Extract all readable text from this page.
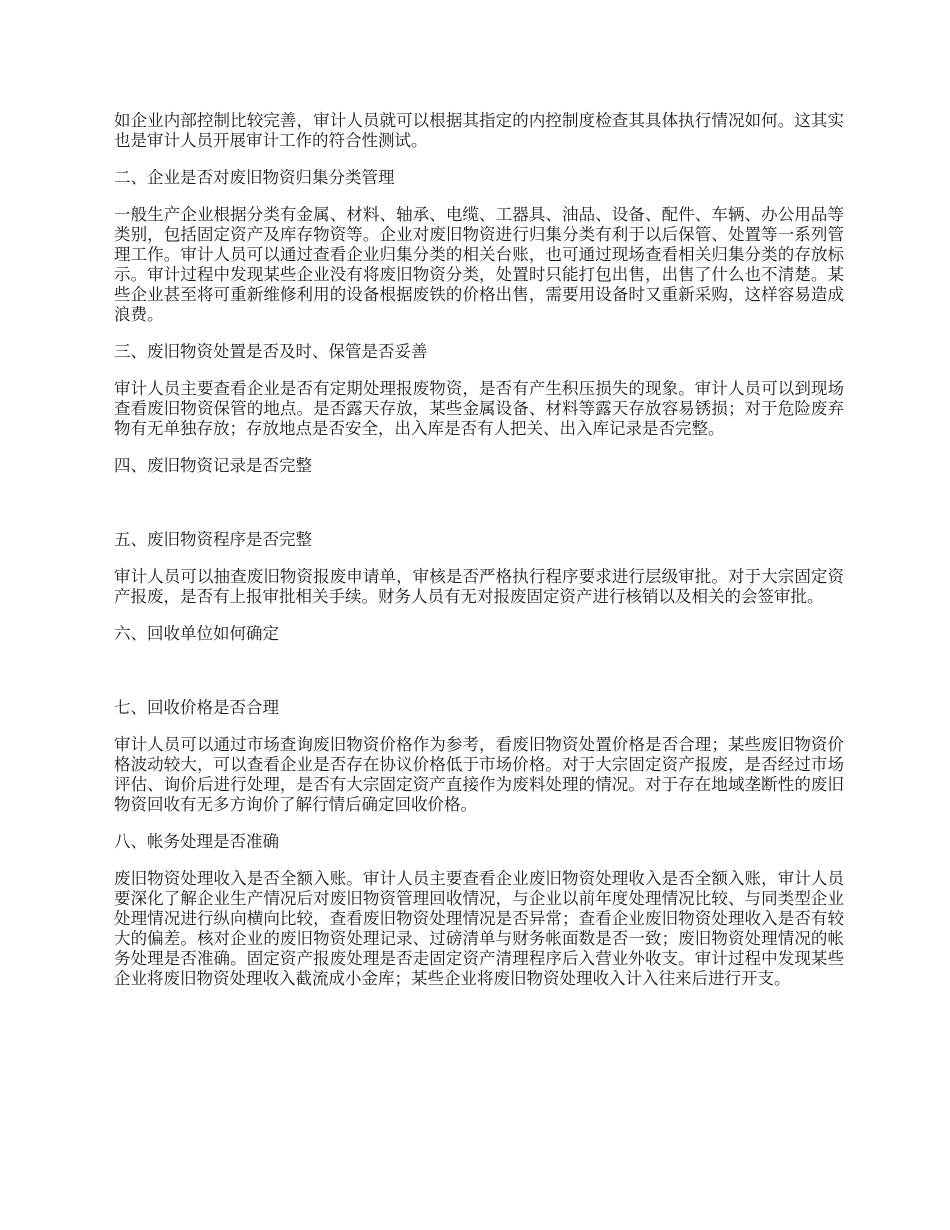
如企业内部控制比较完善，审计人员就可以根据其指定的内控制度检查其具体执行情况如何。这其实也是审计人员开展审计工作的符合性测试。

二、企业是否对废旧物资归集分类管理

一般生产企业根据分类有金属、材料、轴承、电缆、工器具、油品、设备、配件、车辆、办公用品等类别，包括固定资产及库存物资等。企业对废旧物资进行归集分类有利于以后保管、处置等一系列管理工作。审计人员可以通过查看企业归集分类的相关台账，也可通过现场查看相关归集分类的存放标示。审计过程中发现某些企业没有将废旧物资分类，处置时只能打包出售，出售了什么也不清楚。某些企业甚至将可重新维修利用的设备根据废铁的价格出售，需要用设备时又重新采购，这样容易造成浪费。

三、废旧物资处置是否及时、保管是否妥善

审计人员主要查看企业是否有定期处理报废物资，是否有产生积压损失的现象。审计人员可以到现场查看废旧物资保管的地点。是否露天存放，某些金属设备、材料等露天存放容易锈损；对于危险废弃物有无单独存放；存放地点是否安全，出入库是否有人把关、出入库记录是否完整。

四、废旧物资记录是否完整

五、废旧物资程序是否完整

审计人员可以抽查废旧物资报废申请单，审核是否严格执行程序要求进行层级审批。对于大宗固定资产报废，是否有上报审批相关手续。财务人员有无对报废固定资产进行核销以及相关的会签审批。

六、回收单位如何确定

七、回收价格是否合理

审计人员可以通过市场查询废旧物资价格作为参考，看废旧物资处置价格是否合理；某些废旧物资价格波动较大，可以查看企业是否存在协议价格低于市场价格。对于大宗固定资产报废，是否经过市场评估、询价后进行处理，是否有大宗固定资产直接作为废料处理的情况。对于存在地域垄断性的废旧物资回收有无多方询价了解行情后确定回收价格。

八、帐务处理是否准确

废旧物资处理收入是否全额入账。审计人员主要查看企业废旧物资处理收入是否全额入账，审计人员要深化了解企业生产情况后对废旧物资管理回收情况，与企业以前年度处理情况比较、与同类型企业处理情况进行纵向横向比较，查看废旧物资处理情况是否异常；查看企业废旧物资处理收入是否有较大的偏差。核对企业的废旧物资处理记录、过磅清单与财务帐面数是否一致；废旧物资处理情况的帐务处理是否准确。固定资产报废处理是否走固定资产清理程序后入营业外收支。审计过程中发现某些企业将废旧物资处理收入截流成小金库；某些企业将废旧物资处理收入计入往来后进行开支。
